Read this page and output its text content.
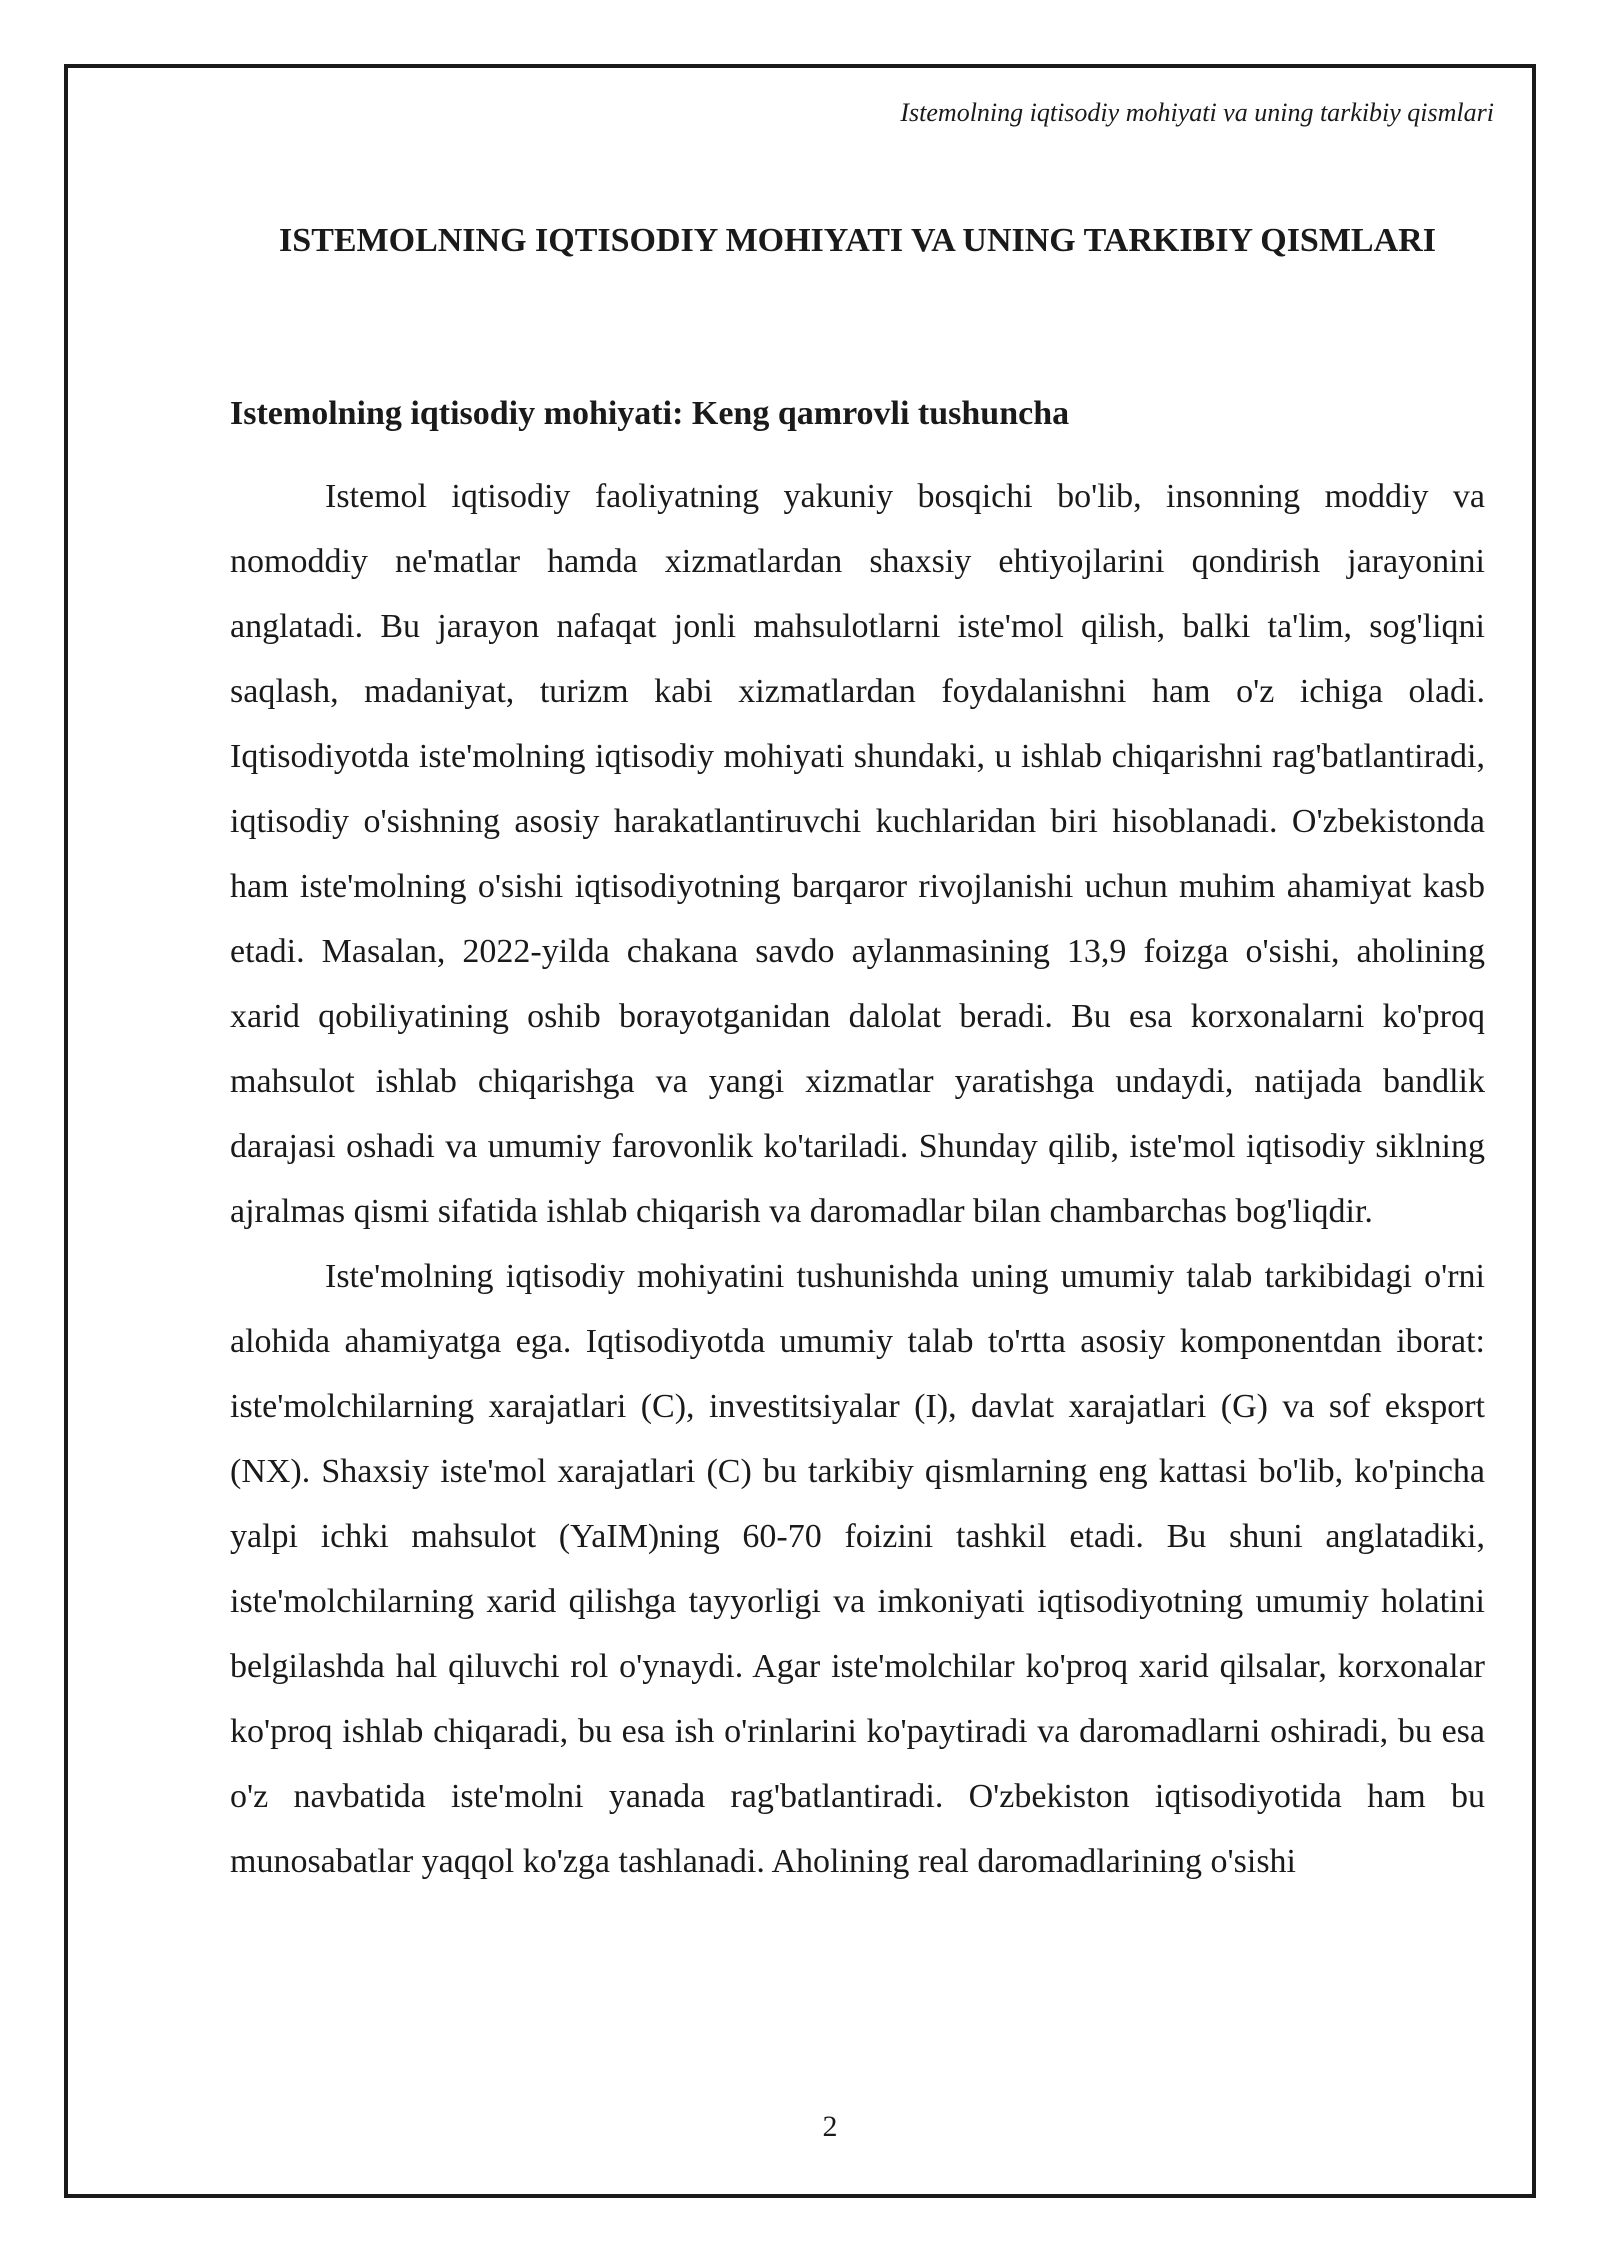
Istemolning iqtisodiy mohiyati va uning tarkibiy qismlari
ISTEMOLNING IQTISODIY MOHIYATI VA UNING TARKIBIY QISMLARI
Istemolning iqtisodiy mohiyati: Keng qamrovli tushuncha

Istemol iqtisodiy faoliyatning yakuniy bosqichi bo'lib, insonning moddiy va nomoddiy ne'matlar hamda xizmatlardan shaxsiy ehtiyojlarini qondirish jarayonini anglatadi. Bu jarayon nafaqat jonli mahsulotlarni iste'mol qilish, balki ta'lim, sog'liqni saqlash, madaniyat, turizm kabi xizmatlardan foydalanishni ham o'z ichiga oladi. Iqtisodiyotda iste'molning iqtisodiy mohiyati shundaki, u ishlab chiqarishni rag'batlantiradi, iqtisodiy o'sishning asosiy harakatlantiruvchi kuchlaridan biri hisoblanadi. O'zbekistonda ham iste'molning o'sishi iqtisodiyotning barqaror rivojlanishi uchun muhim ahamiyat kasb etadi. Masalan, 2022-yilda chakana savdo aylanmasining 13,9 foizga o'sishi, aholining xarid qobiliyatining oshib borayotganidan dalolat beradi. Bu esa korxonalarni ko'proq mahsulot ishlab chiqarishga va yangi xizmatlar yaratishga undaydi, natijada bandlik darajasi oshadi va umumiy farovonlik ko'tariladi. Shunday qilib, iste'mol iqtisodiy siklning ajralmas qismi sifatida ishlab chiqarish va daromadlar bilan chambarchas bog'liqdir.

Iste'molning iqtisodiy mohiyatini tushunishda uning umumiy talab tarkibidagi o'rni alohida ahamiyatga ega. Iqtisodiyotda umumiy talab to'rtta asosiy komponentdan iborat: iste'molchilarning xarajatlari (C), investitsiyalar (I), davlat xarajatlari (G) va sof eksport (NX). Shaxsiy iste'mol xarajatlari (C) bu tarkibiy qismlarning eng kattasi bo'lib, ko'pincha yalpi ichki mahsulot (YaIM)ning 60-70 foizini tashkil etadi. Bu shuni anglatadiki, iste'molchilarning xarid qilishga tayyorligi va imkoniyati iqtisodiyotning umumiy holatini belgilashda hal qiluvchi rol o'ynaydi. Agar iste'molchilar ko'proq xarid qilsalar, korxonalar ko'proq ishlab chiqaradi, bu esa ish o'rinlarini ko'paytiradi va daromadlarni oshiradi, bu esa o'z navbatida iste'molni yanada rag'batlantiradi. O'zbekiston iqtisodiyotida ham bu munosabatlar yaqqol ko'zga tashlanadi. Aholining real daromadlarining o'sishi

2
